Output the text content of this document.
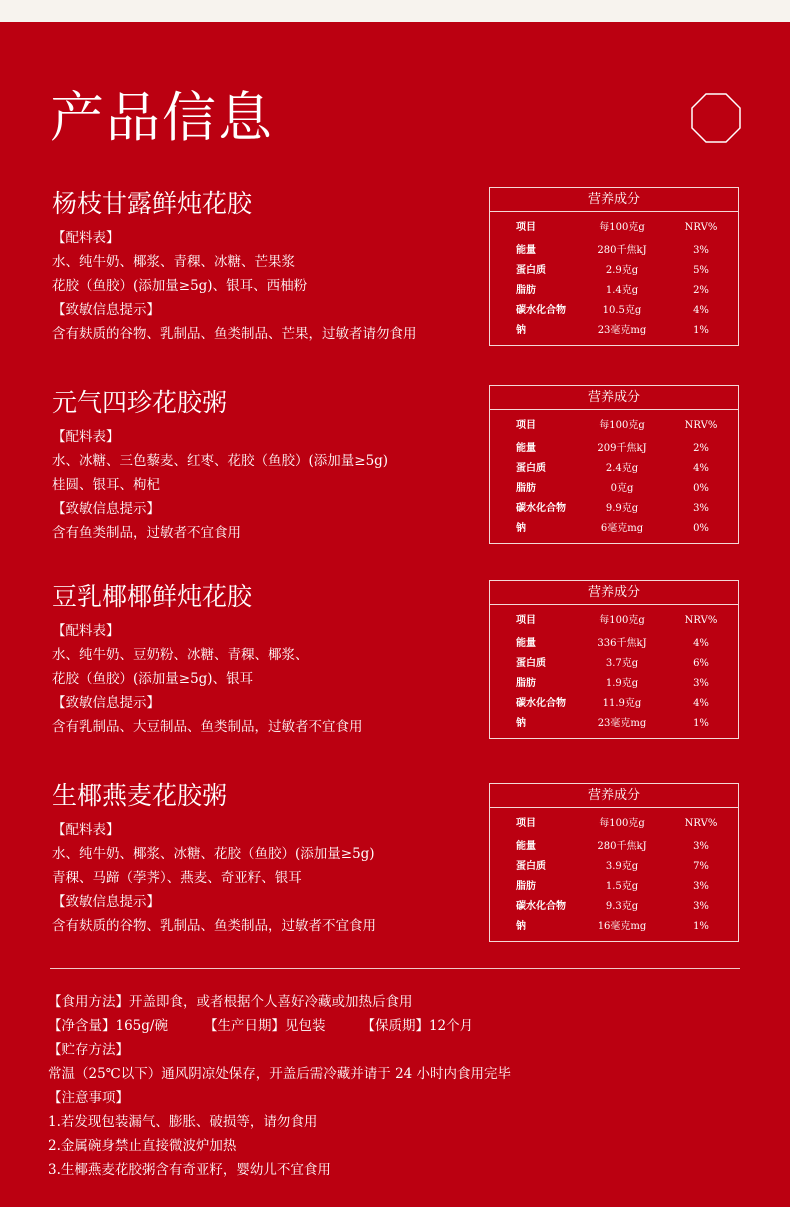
产品信息
杨枝甘露鲜炖花胶
【配料表】
水、纯牛奶、椰浆、青稞、冰糖、芒果浆
花胶（鱼胶）(添加量≥5g)、银耳、西柚粉
【致敏信息提示】
含有麸质的谷物、乳制品、鱼类制品、芒果，过敏者请勿食用
营养成分
项目	每100克g	NRV%
能量	280千焦kJ	3%
蛋白质	2.9克g	5%
脂肪	1.4克g	2%
碳水化合物	10.5克g	4%
钠	23毫克mg	1%
元气四珍花胶粥
【配料表】
水、冰糖、三色藜麦、红枣、花胶（鱼胶）(添加量≥5g)
桂圆、银耳、枸杞
【致敏信息提示】
含有鱼类制品，过敏者不宜食用
营养成分
项目	每100克g	NRV%
能量	209千焦kJ	2%
蛋白质	2.4克g	4%
脂肪	0克g	0%
碳水化合物	9.9克g	3%
钠	6毫克mg	0%
豆乳椰椰鲜炖花胶
【配料表】
水、纯牛奶、豆奶粉、冰糖、青稞、椰浆、
花胶（鱼胶）(添加量≥5g)、银耳
【致敏信息提示】
含有乳制品、大豆制品、鱼类制品，过敏者不宜食用
营养成分
项目	每100克g	NRV%
能量	336千焦kJ	4%
蛋白质	3.7克g	6%
脂肪	1.9克g	3%
碳水化合物	11.9克g	4%
钠	23毫克mg	1%
生椰燕麦花胶粥
【配料表】
水、纯牛奶、椰浆、冰糖、花胶（鱼胶）(添加量≥5g)
青稞、马蹄（荸荠）、燕麦、奇亚籽、银耳
【致敏信息提示】
含有麸质的谷物、乳制品、鱼类制品，过敏者不宜食用
营养成分
项目	每100克g	NRV%
能量	280千焦kJ	3%
蛋白质	3.9克g	7%
脂肪	1.5克g	3%
碳水化合物	9.3克g	3%
钠	16毫克mg	1%
【食用方法】开盖即食，或者根据个人喜好冷藏或加热后食用
【净含量】165g/碗	【生产日期】见包装	【保质期】12个月
【贮存方法】
常温（25℃以下）通风阴凉处保存，开盖后需冷藏并请于 24 小时内食用完毕
【注意事项】
1.若发现包装漏气、膨胀、破损等，请勿食用
2.金属碗身禁止直接微波炉加热
3.生椰燕麦花胶粥含有奇亚籽，婴幼儿不宜食用
